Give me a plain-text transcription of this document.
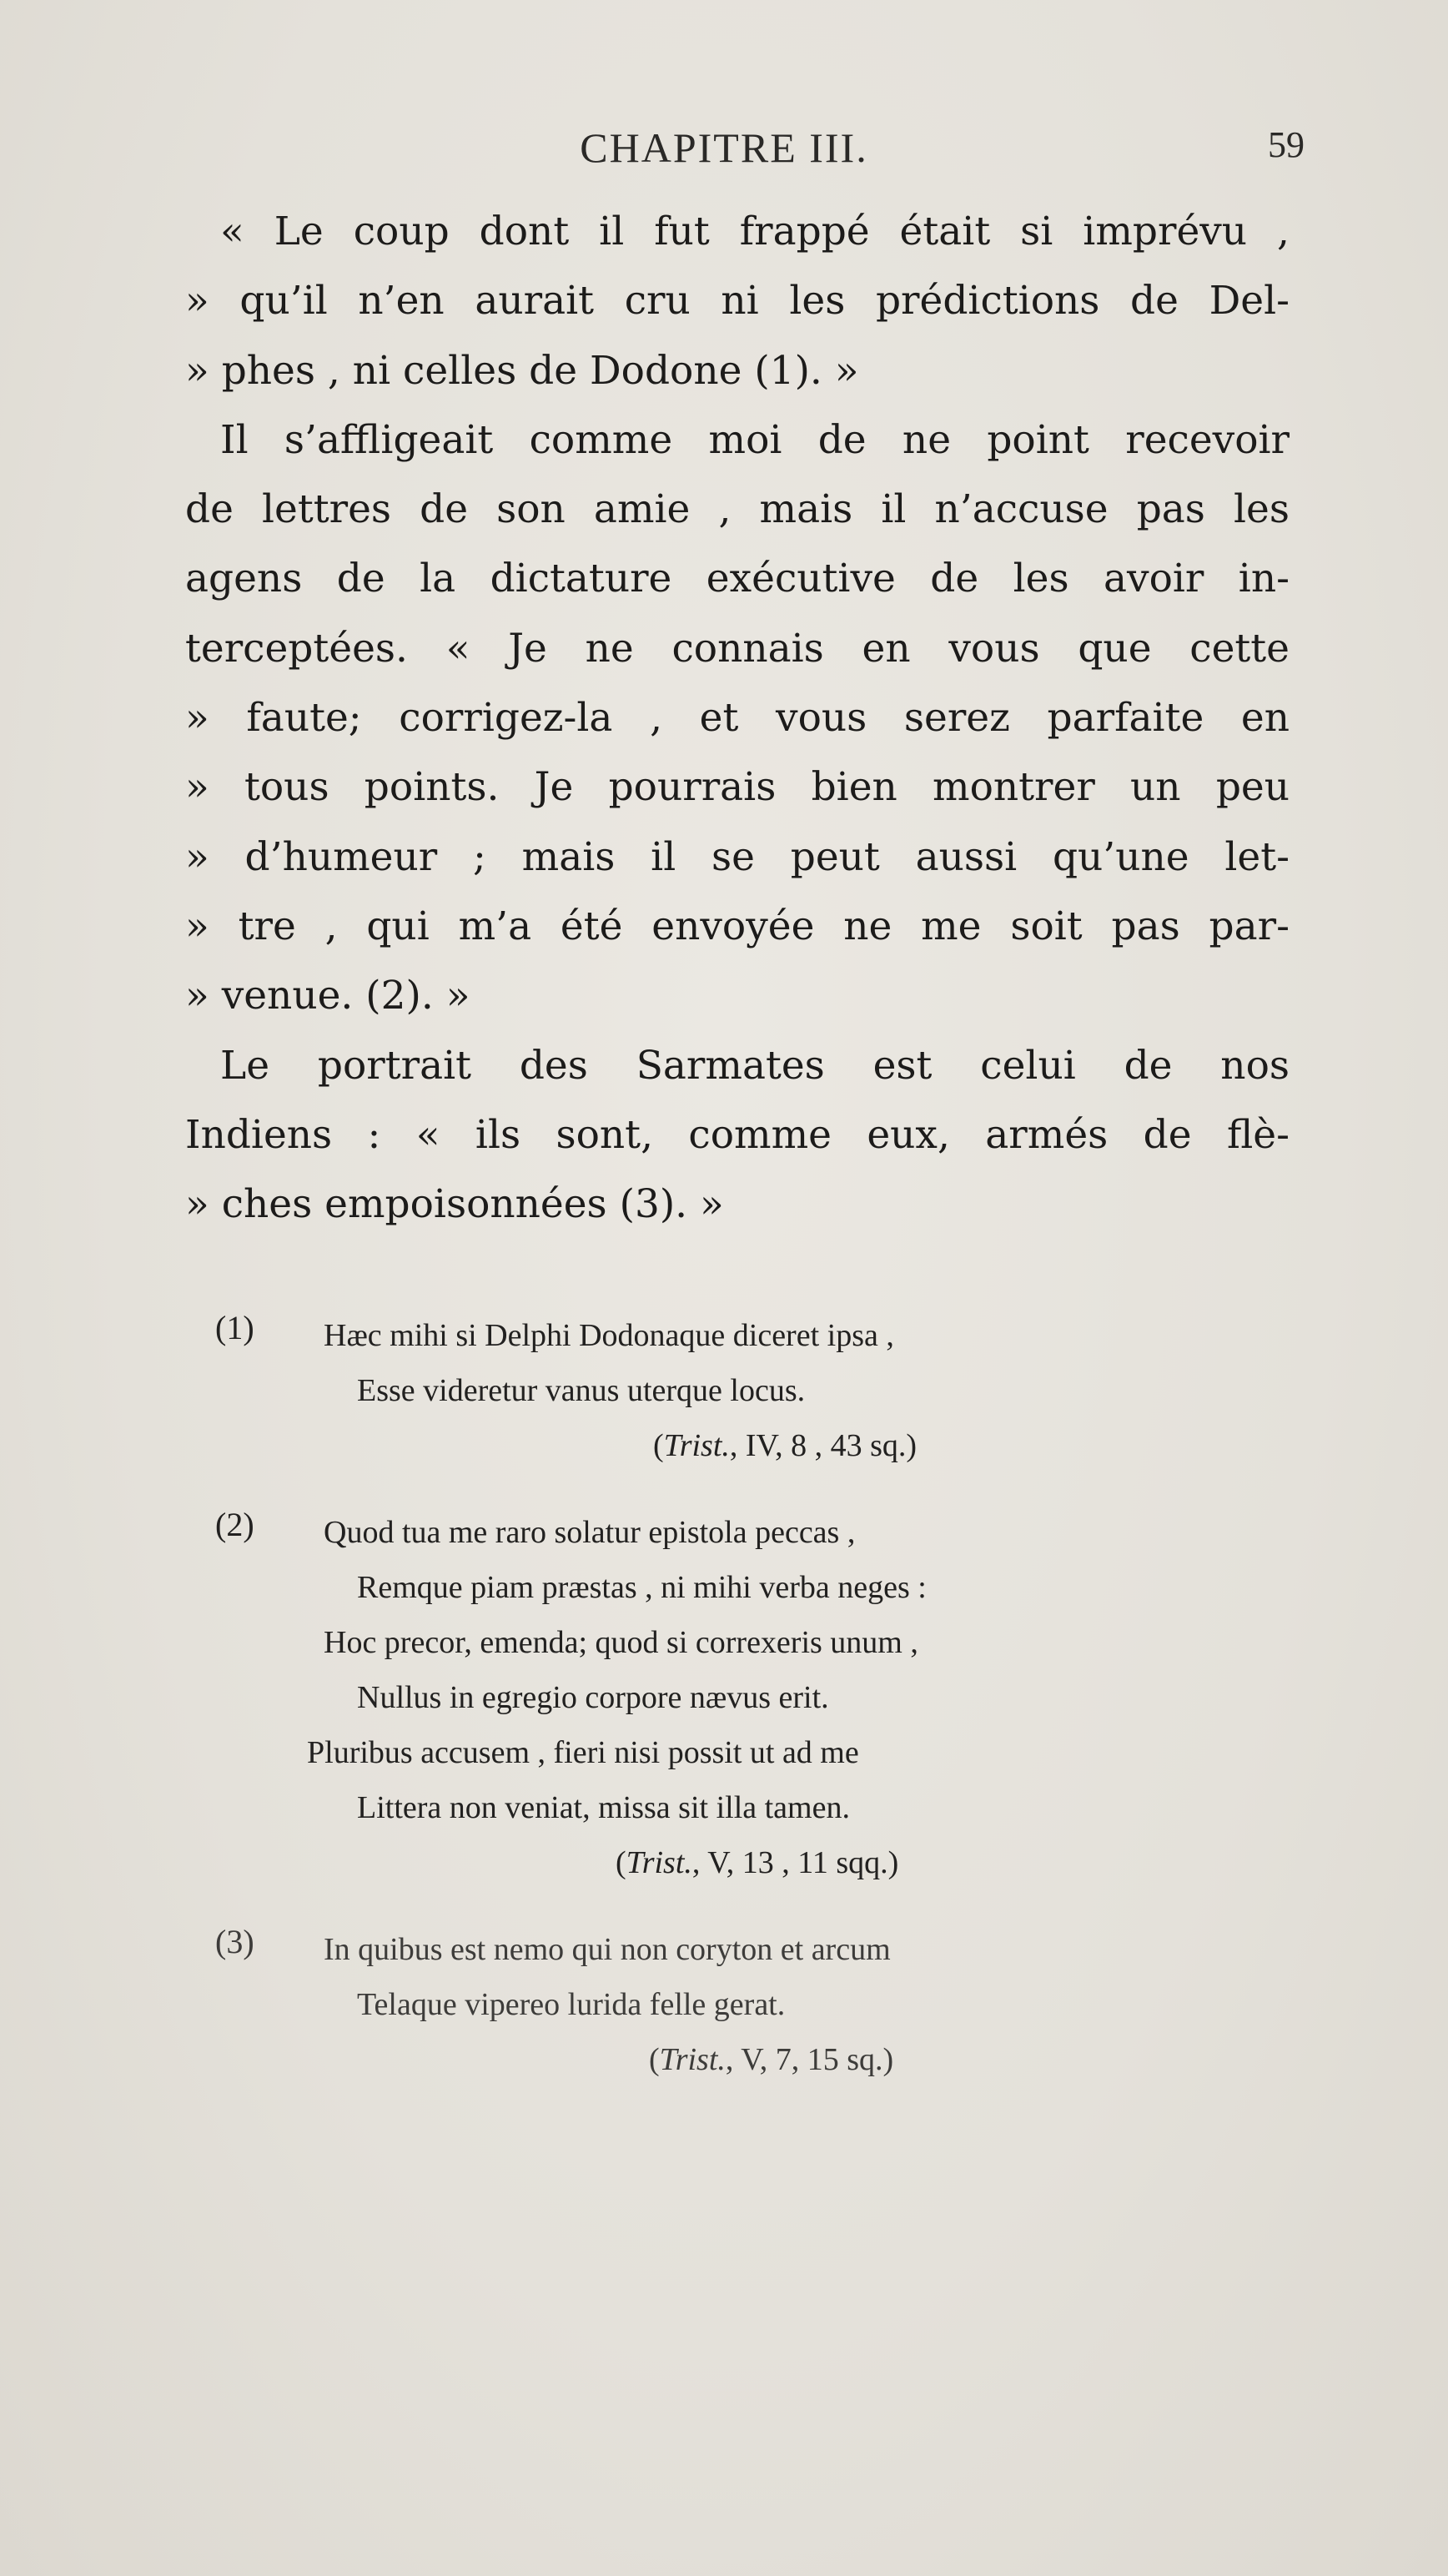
CHAPITRE III.	59
« Le coup dont il fut frappé était si imprévu ,
» qu’il n’en aurait cru ni les prédictions de Del-
» phes , ni celles de Dodone (1). »
Il s’affligeait comme moi de ne point recevoir
de lettres de son amie , mais il n’accuse pas les
agens de la dictature exécutive de les avoir in-
terceptées. « Je ne connais en vous que cette
» faute; corrigez-la , et vous serez parfaite en
» tous points. Je pourrais bien montrer un peu
» d’humeur ; mais il se peut aussi qu’une let-
» tre , qui m’a été envoyée ne me soit pas par-
» venue. (2). »
Le portrait des Sarmates est celui de nos
Indiens : « ils sont, comme eux, armés de flè-
» ches empoisonnées (3). »
(1)	Hæc mihi si Delphi Dodonaque diceret ipsa ,
Esse videretur vanus uterque locus.
(Trist., IV, 8 , 43 sq.)
(2)	Quod tua me raro solatur epistola peccas ,
Remque piam præstas , ni mihi verba neges :
Hoc precor, emenda; quod si correxeris unum ,
Nullus in egregio corpore nævus erit.
Pluribus accusem , fieri nisi possit ut ad me
Littera non veniat, missa sit illa tamen.
(Trist., V, 13 , 11 sqq.)
(3)	In quibus est nemo qui non coryton et arcum
Telaque vipereo lurida felle gerat.
(Trist., V, 7, 15 sq.)
